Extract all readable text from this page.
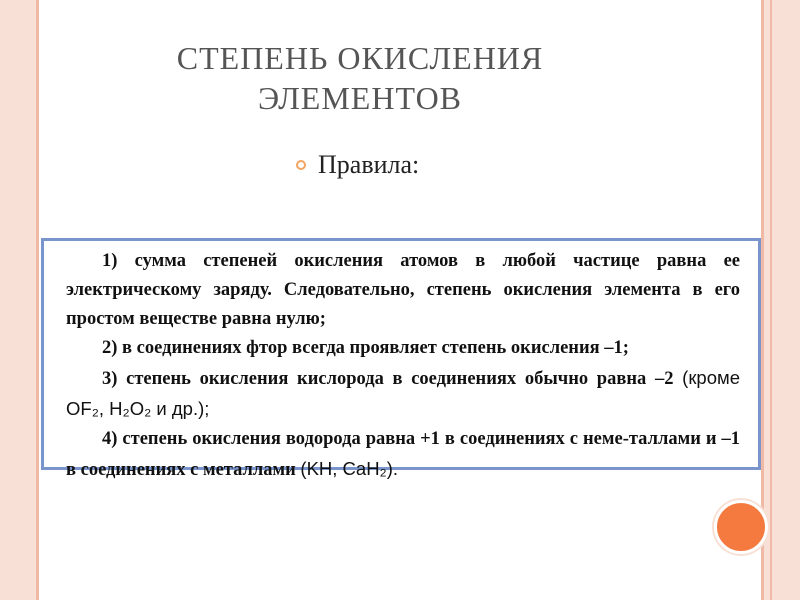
СТЕПЕНЬ ОКИСЛЕНИЯ
ЭЛЕМЕНТОВ
Правила:
1) сумма степеней окисления атомов в любой частице равна ее электрическому заряду. Следовательно, степень окисления элемента в его простом веществе равна нулю;
2) в соединениях фтор всегда проявляет степень окисления –1;
3) степень окисления кислорода в соединениях обычно равна –2 (кроме OF₂, H₂O₂ и др.);
4) степень окисления водорода равна +1 в соединениях с неме-таллами и –1 в соединениях с металлами (KH, CaH₂).
